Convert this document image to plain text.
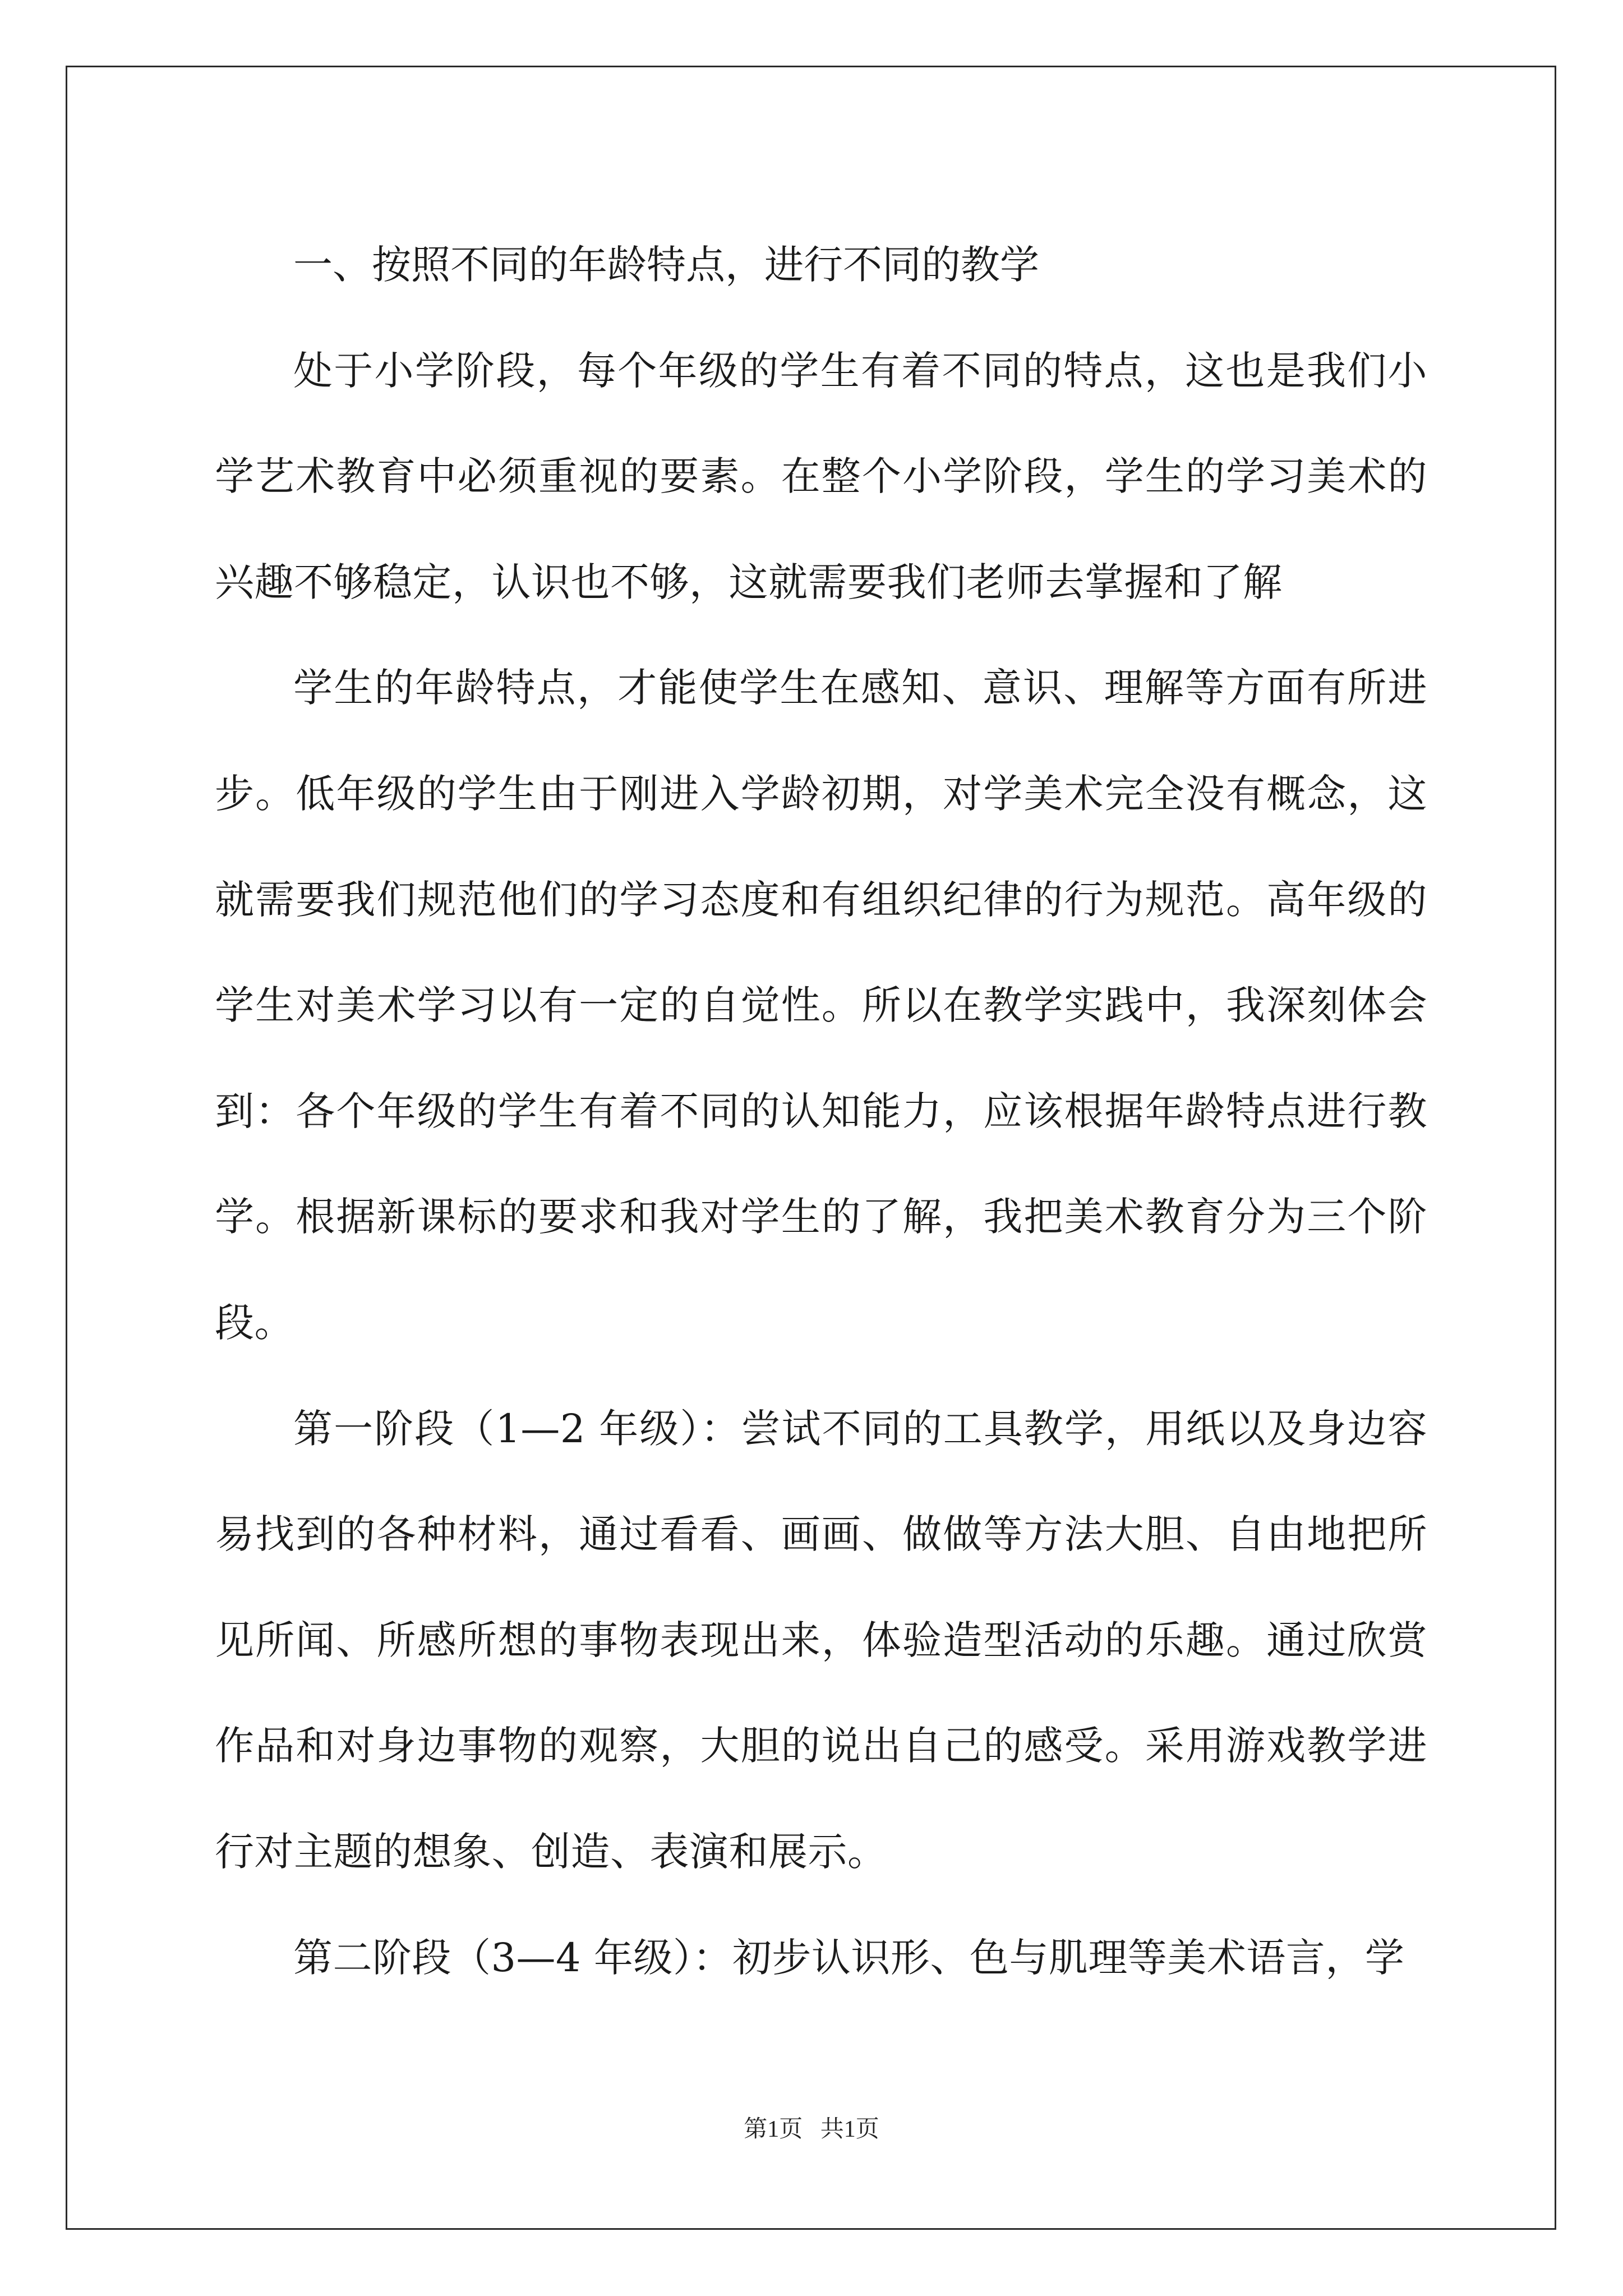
一、按照不同的年龄特点，进行不同的教学

处于小学阶段，每个年级的学生有着不同的特点，这也是我们小学艺术教育中必须重视的要素。在整个小学阶段，学生的学习美术的兴趣不够稳定，认识也不够，这就需要我们老师去掌握和了解

学生的年龄特点，才能使学生在感知、意识、理解等方面有所进步。低年级的学生由于刚进入学龄初期，对学美术完全没有概念，这就需要我们规范他们的学习态度和有组织纪律的行为规范。高年级的学生对美术学习以有一定的自觉性。所以在教学实践中，我深刻体会到：各个年级的学生有着不同的认知能力，应该根据年龄特点进行教学。根据新课标的要求和我对学生的了解，我把美术教育分为三个阶段。

第一阶段（1—2 年级）：尝试不同的工具教学，用纸以及身边容易找到的各种材料，通过看看、画画、做做等方法大胆、自由地把所见所闻、所感所想的事物表现出来，体验造型活动的乐趣。通过欣赏作品和对身边事物的观察，大胆的说出自己的感受。采用游戏教学进行对主题的想象、创造、表演和展示。

第二阶段（3—4 年级）：初步认识形、色与肌理等美术语言，学

第1页   共1页
